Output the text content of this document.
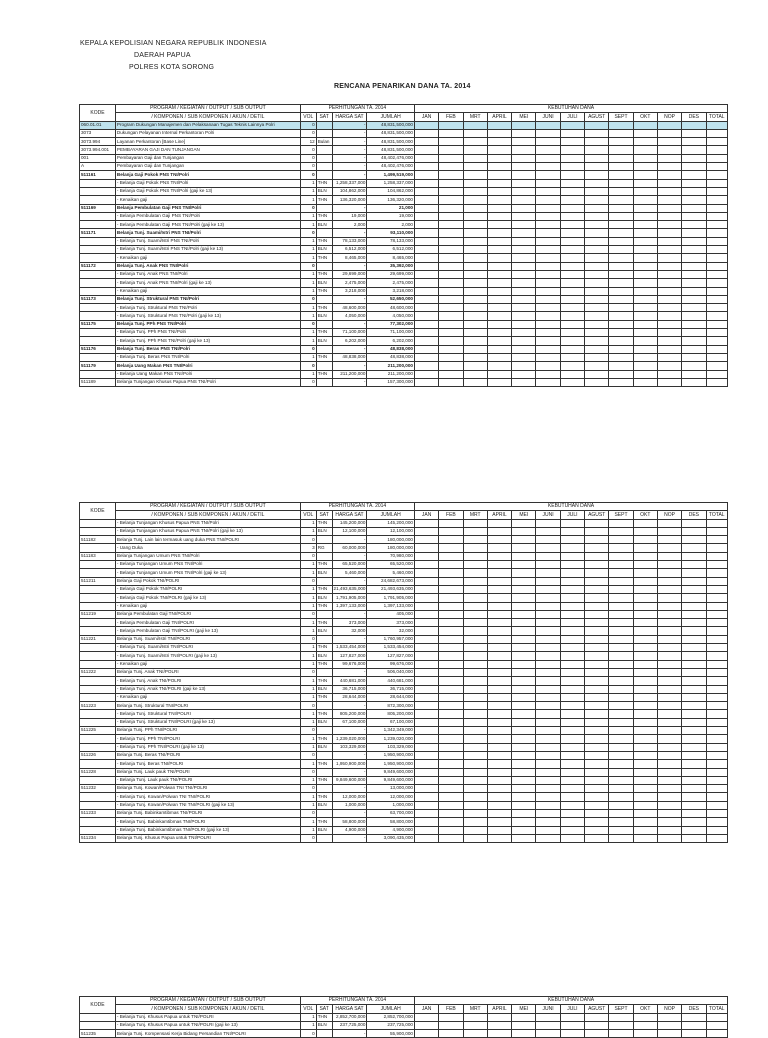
KEPALA KEPOLISIAN NEGARA REPUBLIK INDONESIA
DAERAH PAPUA
POLRES KOTA SORONG
RENCANA PENARIKAN DANA TA. 2014
KODE	PROGRAM / KEGIATAN / OUTPUT / SUB OUTPUT	PERHITUNGAN TA. 2014				KEBUTUHAN DANA												
	/ KOMPONEN / SUB KOMPONEN / AKUN / DETIL	VOL	SAT	HARGA SAT	JUMLAH	JAN	FEB	MRT	APRIL	MEI	JUNI	JULI	AGUST	SEPT	OKT	NOP	DES	TOTAL
060.01.01	Program Dukungan Manajemen dan Pelaksanaan Tugas Teknis Lainnya Polri	0		-	48,831,500,000													
3073	Dukungan Pelayanan Internal Perkantoran Polri	0		-	48,831,500,000													
3073.994	Layanan Perkantoran [Base Line]	12	Bulan	-	48,831,500,000													
3073.994.001	PEMBAYARAN GAJI DAN TUNJANGAN	0		-	48,831,500,000													
001	Pembayaran Gaji dan Tunjangan	0		-	48,402,476,000													
A	Pembayaran Gaji dan Tunjangan	0		-	48,402,476,000													
511161	Belanja Gaji Pokok PNS TNI/Polri	0		-	1,499,519,000													
	- Belanja Gaji Pokok PNS TNI/Polri	1	THN	1,258,337,000	1,258,337,000													
	- Belanja Gaji Pokok PNS TNI/Polri (gaji ke 13)	1	BLN	104,862,000	104,862,000													
	- Kenaikan gaji	1	THN	136,320,000	136,320,000													
511169	Belanja Pembulatan Gaji PNS TNI/Polri	0		-	21,000													
	- Belanja Pembulatan Gaji PNS TNI/Polri	1	THN	19,000	19,000													
	- Belanja Pembulatan Gaji PNS TNI/Polri (gaji ke 13)	1	BLN	2,000	2,000													
511171	Belanja Tunj. Suami/Istri PNS TNI/Polri	0		-	93,110,000													
	- Belanja Tunj. Suami/Istri PNS TNI/Polri	1	THN	78,133,000	78,133,000													
	- Belanja Tunj. Suami/Istri PNS TNI/Polri (gaji ke 13)	1	BLN	6,512,000	6,512,000													
	- Kenaikan gaji	1	THN	8,465,000	8,465,000													
511172	Belanja Tunj. Anak PNS TNI/Polri	0		-	35,392,000													
	- Belanja Tunj. Anak PNS TNI/Polri	1	THN	29,699,000	29,699,000													
	- Belanja Tunj. Anak PNS TNI/Polri (gaji ke 13)	1	BLN	2,475,000	2,475,000													
	- Kenaikan gaji	1	THN	3,218,000	3,218,000													
511173	Belanja Tunj. Struktural PNS TNI/Polri	0		-	52,650,000													
	- Belanja Tunj. Struktural PNS TNI/Polri	1	THN	48,600,000	48,600,000													
	- Belanja Tunj. Struktural PNS TNI/Polri (gaji ke 13)	1	BLN	4,050,000	4,050,000													
511175	Belanja Tunj. PPh PNS TNI/Polri	0		-	77,302,000													
	- Belanja Tunj. PPh PNS TNI/Polri	1	THN	71,100,000	71,100,000													
	- Belanja Tunj. PPh PNS TNI/Polri (gaji ke 13)	1	BLN	6,202,000	6,202,000													
511176	Belanja Tunj. Beras PNS TNI/Polri	0		-	48,838,000													
	- Belanja Tunj. Beras PNS TNI/Polri	1	THN	48,838,000	48,838,000													
511179	Belanja Uang Makan PNS TNI/Polri	0		-	211,200,000													
	- Belanja Uang Makan PNS TNI/Polri	1	THN	211,200,000	211,200,000													
511189	Belanja Tunjangan Khusus Papua PNS TNI/Polri	0		-	157,300,000													
KODE	PROGRAM / KEGIATAN / OUTPUT / SUB OUTPUT	PERHITUNGAN TA. 2014				KEBUTUHAN DANA												
	/ KOMPONEN / SUB KOMPONEN / AKUN / DETIL	VOL	SAT	HARGA SAT	JUMLAH	JAN	FEB	MRT	APRIL	MEI	JUNI	JULI	AGUST	SEPT	OKT	NOP	DES	TOTAL
	- Belanja Tunjangan Khusus Papua PNS TNI/Polri	1	THN	145,200,000	145,200,000													
	- Belanja Tunjangan Khusus Papua PNS TNI/Polri (gaji ke 13)	1	BLN	12,100,000	12,100,000													
511182	Belanja Tunj. Lain lain termasuk uang duka PNS TNI/POLRI	0		-	180,000,000													
	- Uang Duka	3	RG	60,000,000	180,000,000													
511183	Belanja Tunjangan Umum PNS TNI/Polri	0		-	70,980,000													
	- Belanja Tunjangan Umum PNS TNI/Polri	1	THN	65,520,000	65,520,000													
	- Belanja Tunjangan Umum PNS TNI/Polri (gaji ke 13)	1	BLN	5,460,000	5,460,000													
511211	Belanja Gaji Pokok TNI/POLRI	0		-	24,682,673,000													
	- Belanja Gaji Pokok TNI/POLRI	1	THN	21,493,635,000	21,493,635,000													
	- Belanja Gaji Pokok TNI/POLRI (gaji ke 13)	1	BLN	1,791,905,000	1,791,905,000													
	- Kenaikan gaji	1	THN	1,397,133,000	1,397,133,000													
511219	Belanja Pembulatan Gaji TNI/POLRI	0		-	405,000													
	- Belanja Pembulatan Gaji TNI/POLRI	1	THN	373,000	373,000													
	- Belanja Pembulatan Gaji TNI/POLRI (gaji ke 13)	1	BLN	32,000	32,000													
511221	Belanja Tunj. Suami/Istri TNI/POLRI	0		-	1,760,957,000													
	- Belanja Tunj. Suami/Istri TNI/POLRI	1	THN	1,533,454,000	1,533,454,000													
	- Belanja Tunj. Suami/Istri TNI/POLRI (gaji ke 13)	1	BLN	127,827,000	127,827,000													
	- Kenaikan gaji	1	THN	99,676,000	99,676,000													
511222	Belanja Tunj. Anak TNI/POLRI	0		-	506,040,000													
	- Belanja Tunj. Anak TNI/POLRI	1	THN	440,681,000	440,681,000													
	- Belanja Tunj. Anak TNI/POLRI (gaji ke 13)	1	BLN	36,715,000	36,715,000													
	- Kenaikan gaji	1	THN	28,644,000	28,644,000													
511223	Belanja Tunj. Struktural TNI/POLRI	0		-	872,300,000													
	- Belanja Tunj. Struktural TNI/POLRI	1	THN	805,200,000	805,200,000													
	- Belanja Tunj. Struktural TNI/POLRI (gaji ke 13)	1	BLN	67,100,000	67,100,000													
511225	Belanja Tunj. PPh TNI/POLRI	0		-	1,342,349,000													
	- Belanja Tunj. PPh TNI/POLRI	1	THN	1,239,020,000	1,239,020,000													
	- Belanja Tunj. PPh TNI/POLRI (gaji ke 13)	1	BLN	103,329,000	103,329,000													
511226	Belanja Tunj. Beras TNI/POLRI	0		-	1,950,900,000													
	- Belanja Tunj. Beras TNI/POLRI	1	THN	1,950,900,000	1,950,900,000													
511228	Belanja Tunj. Lauk pauk TNI/POLRI	0		-	9,849,600,000													
	- Belanja Tunj. Lauk pauk TNI/POLRI	1	THN	9,849,600,000	9,849,600,000													
511232	Belanja Tunj. Kowan/Polwan TNI TNI/POLRI	0		-	13,000,000													
	- Belanja Tunj. Kowan/Polwan TNI TNI/POLRI	1	THN	12,000,000	12,000,000													
	- Belanja Tunj. Kowan/Polwan TNI TNI/POLRI (gaji ke 13)	1	BLN	1,000,000	1,000,000													
511233	Belanja Tunj. Babinkamtibmas TNI/POLRI	0		-	63,700,000													
	- Belanja Tunj. Babinkamtibmas TNI/POLRI	1	THN	58,800,000	58,800,000													
	- Belanja Tunj. Babinkamtibmas TNI/POLRI (gaji ke 13)	1	BLN	4,900,000	4,900,000													
511234	Belanja Tunj. Khusus Papua untuk TNI/POLRI	0		-	3,090,435,000													
KODE	PROGRAM / KEGIATAN / OUTPUT / SUB OUTPUT	PERHITUNGAN TA. 2014				KEBUTUHAN DANA												
	/ KOMPONEN / SUB KOMPONEN / AKUN / DETIL	VOL	SAT	HARGA SAT	JUMLAH	JAN	FEB	MRT	APRIL	MEI	JUNI	JULI	AGUST	SEPT	OKT	NOP	DES	TOTAL
	- Belanja Tunj. Khusus Papua untuk TNI/POLRI	1	THN	2,852,700,000	2,852,700,000													
	- Belanja Tunj. Khusus Papua untuk TNI/POLRI (gaji ke 13)	1	BLN	237,725,000	237,725,000													
511235	Belanja Tunj. Kompensasi Kerja Bidang Persandian TNI/POLRI	0		-	55,900,000													
